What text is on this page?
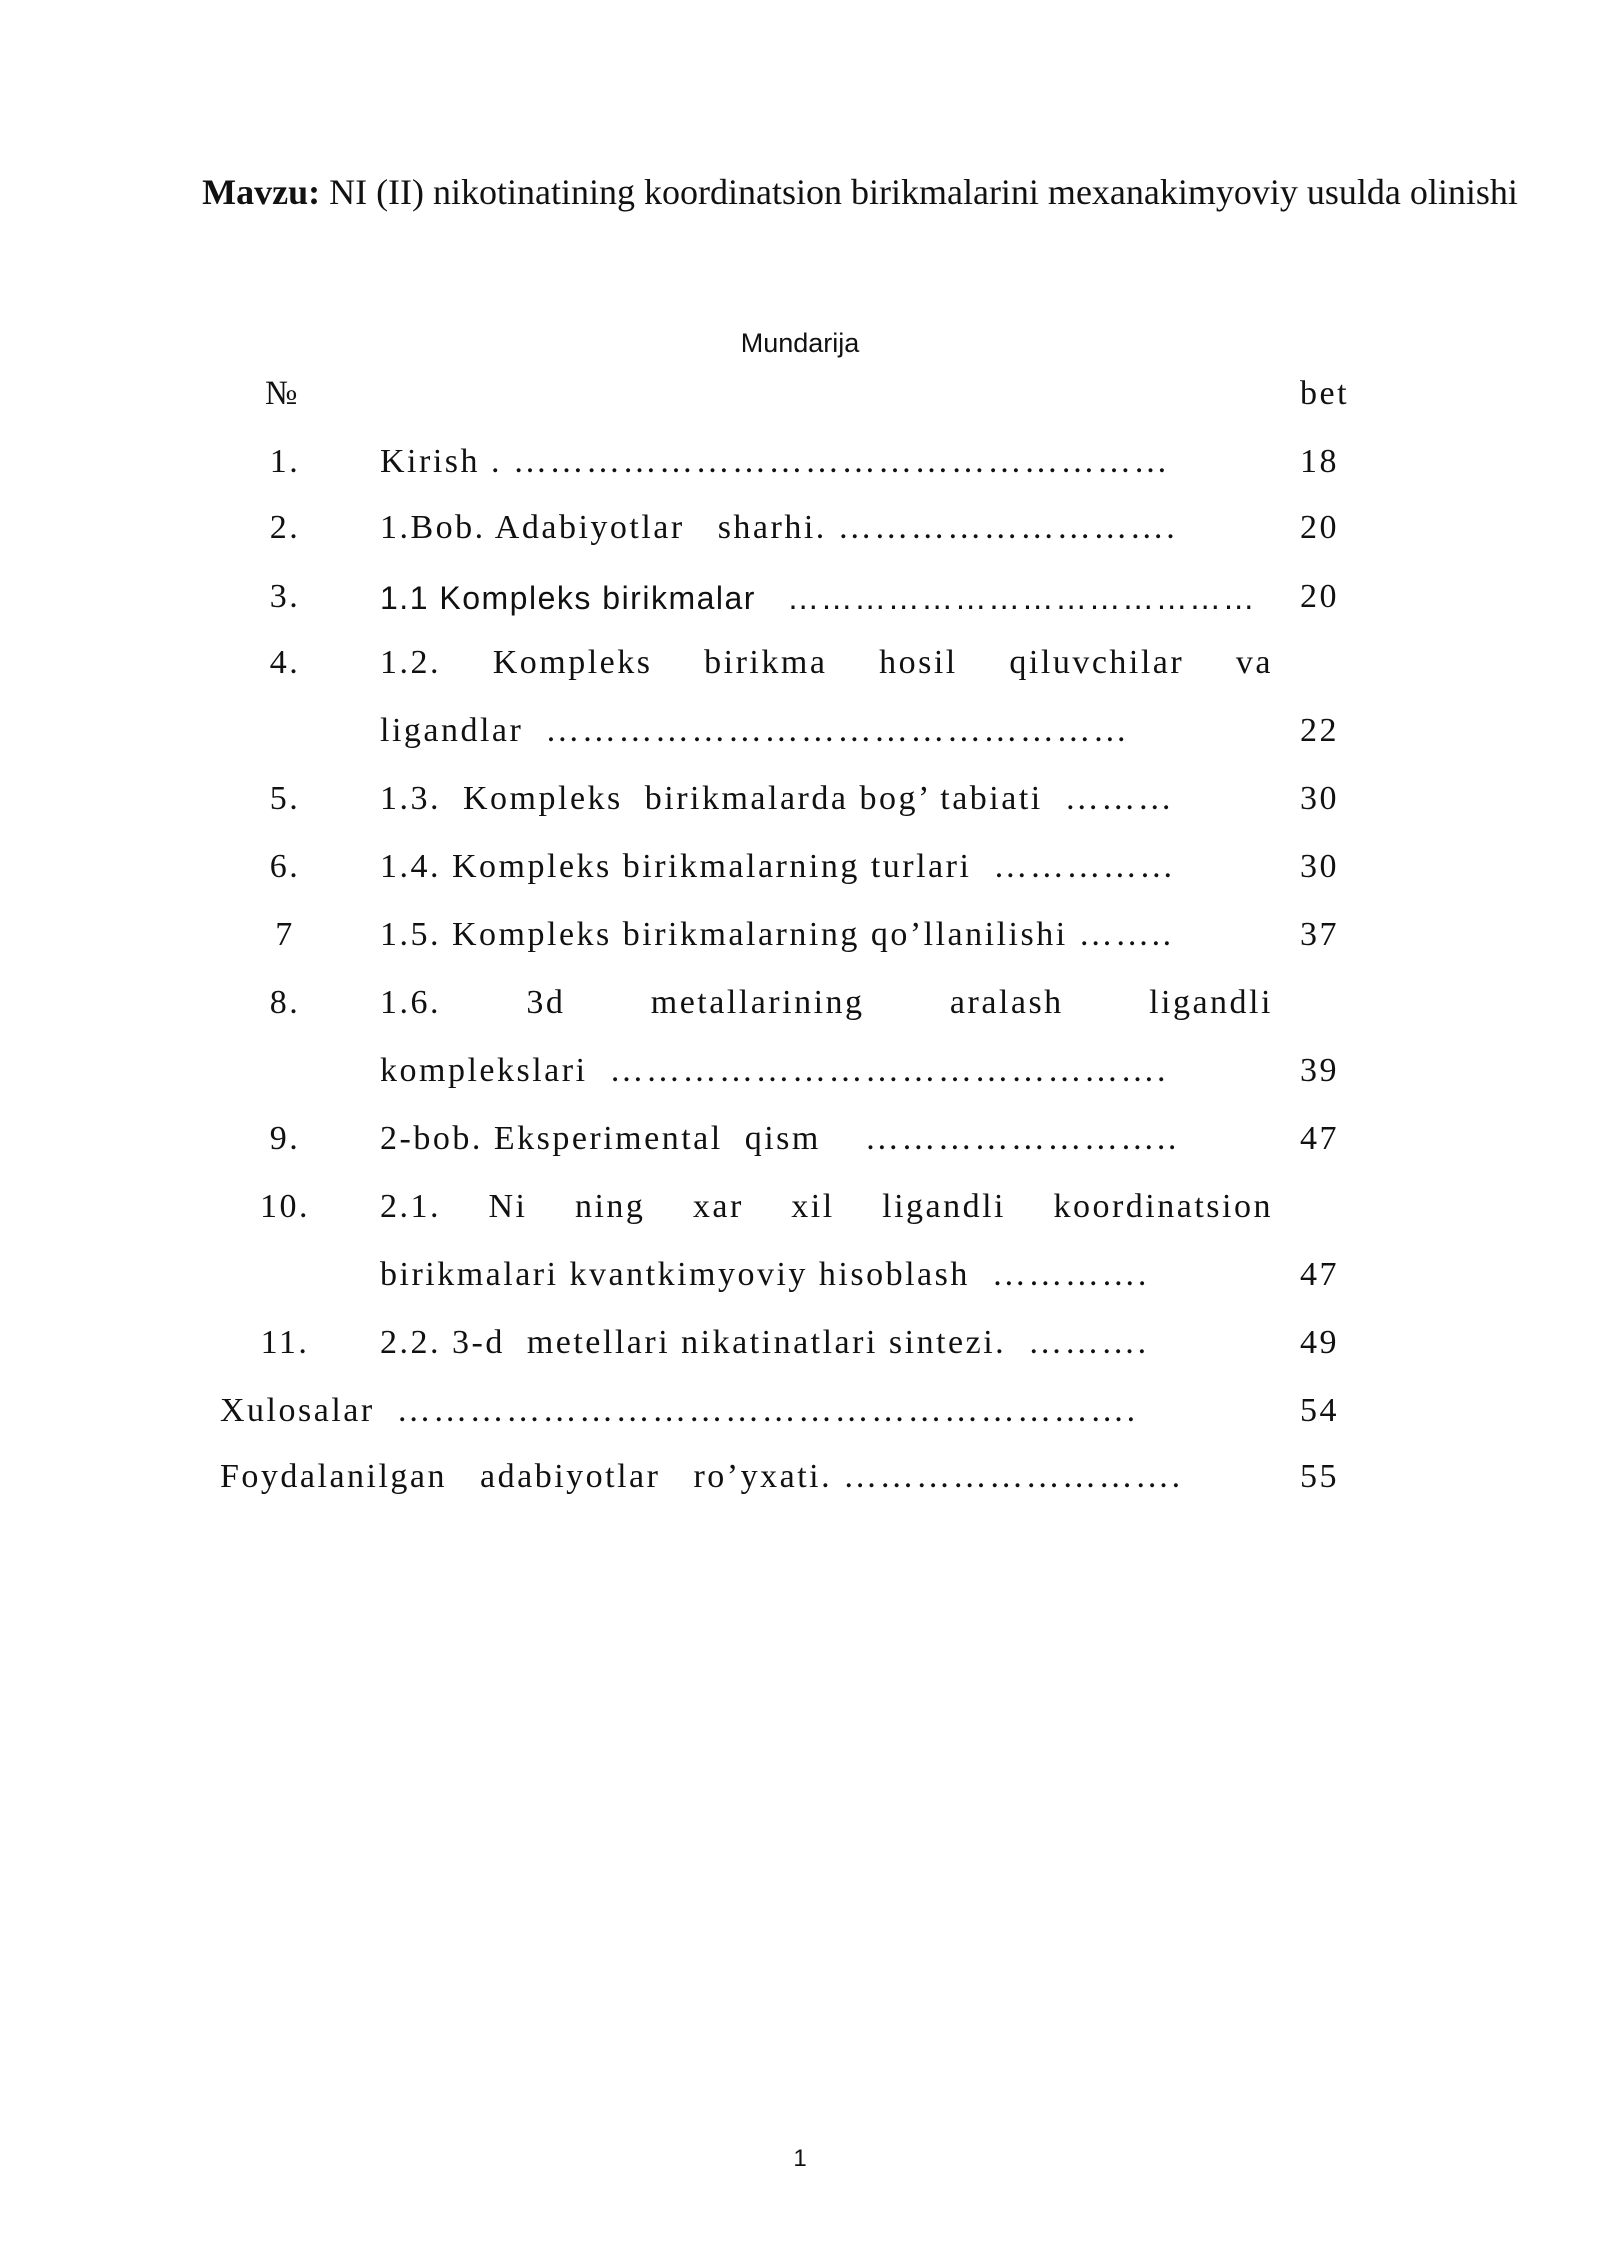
Mavzu: NI (II) nikotinatining koordinatsion birikmalarini mexanakimyoviy usulda olinishi
Mundarija
№	bet
1.	Kirish . ………………………………………………	18
2.	1.Bob. Adabiyotlar   sharhi. ……………………….	20
3.	1.1 Kompleks birikmalar   …………………………………… 20
4.	1.2. Kompleks birikma hosil qiluvchilar va
ligandlar  …………………………………………	22
5.	1.3.  Kompleks  birikmalarda bog’ tabiati  ………	30
6.	1.4. Kompleks birikmalarning turlari  ……………	30
7	1.5. Kompleks birikmalarning qo’llanilishi ……..	37
8.	1.6.	3d	metallarining	aralash	ligandli
komplekslari  ……………………………………….	39
9.	2-bob. Eksperimental  qism    ……………………..	47
10.	2.1. Ni ning xar xil ligandli koordinatsion
birikmalari kvantkimyoviy hisoblash  ………….	47
11.	2.2. 3-d  metellari nikatinatlari sintezi.  ……….	49
Xulosalar  …………………………………………………….	54
Foydalanilgan   adabiyotlar   ro’yxati. ……………………….	55
1
